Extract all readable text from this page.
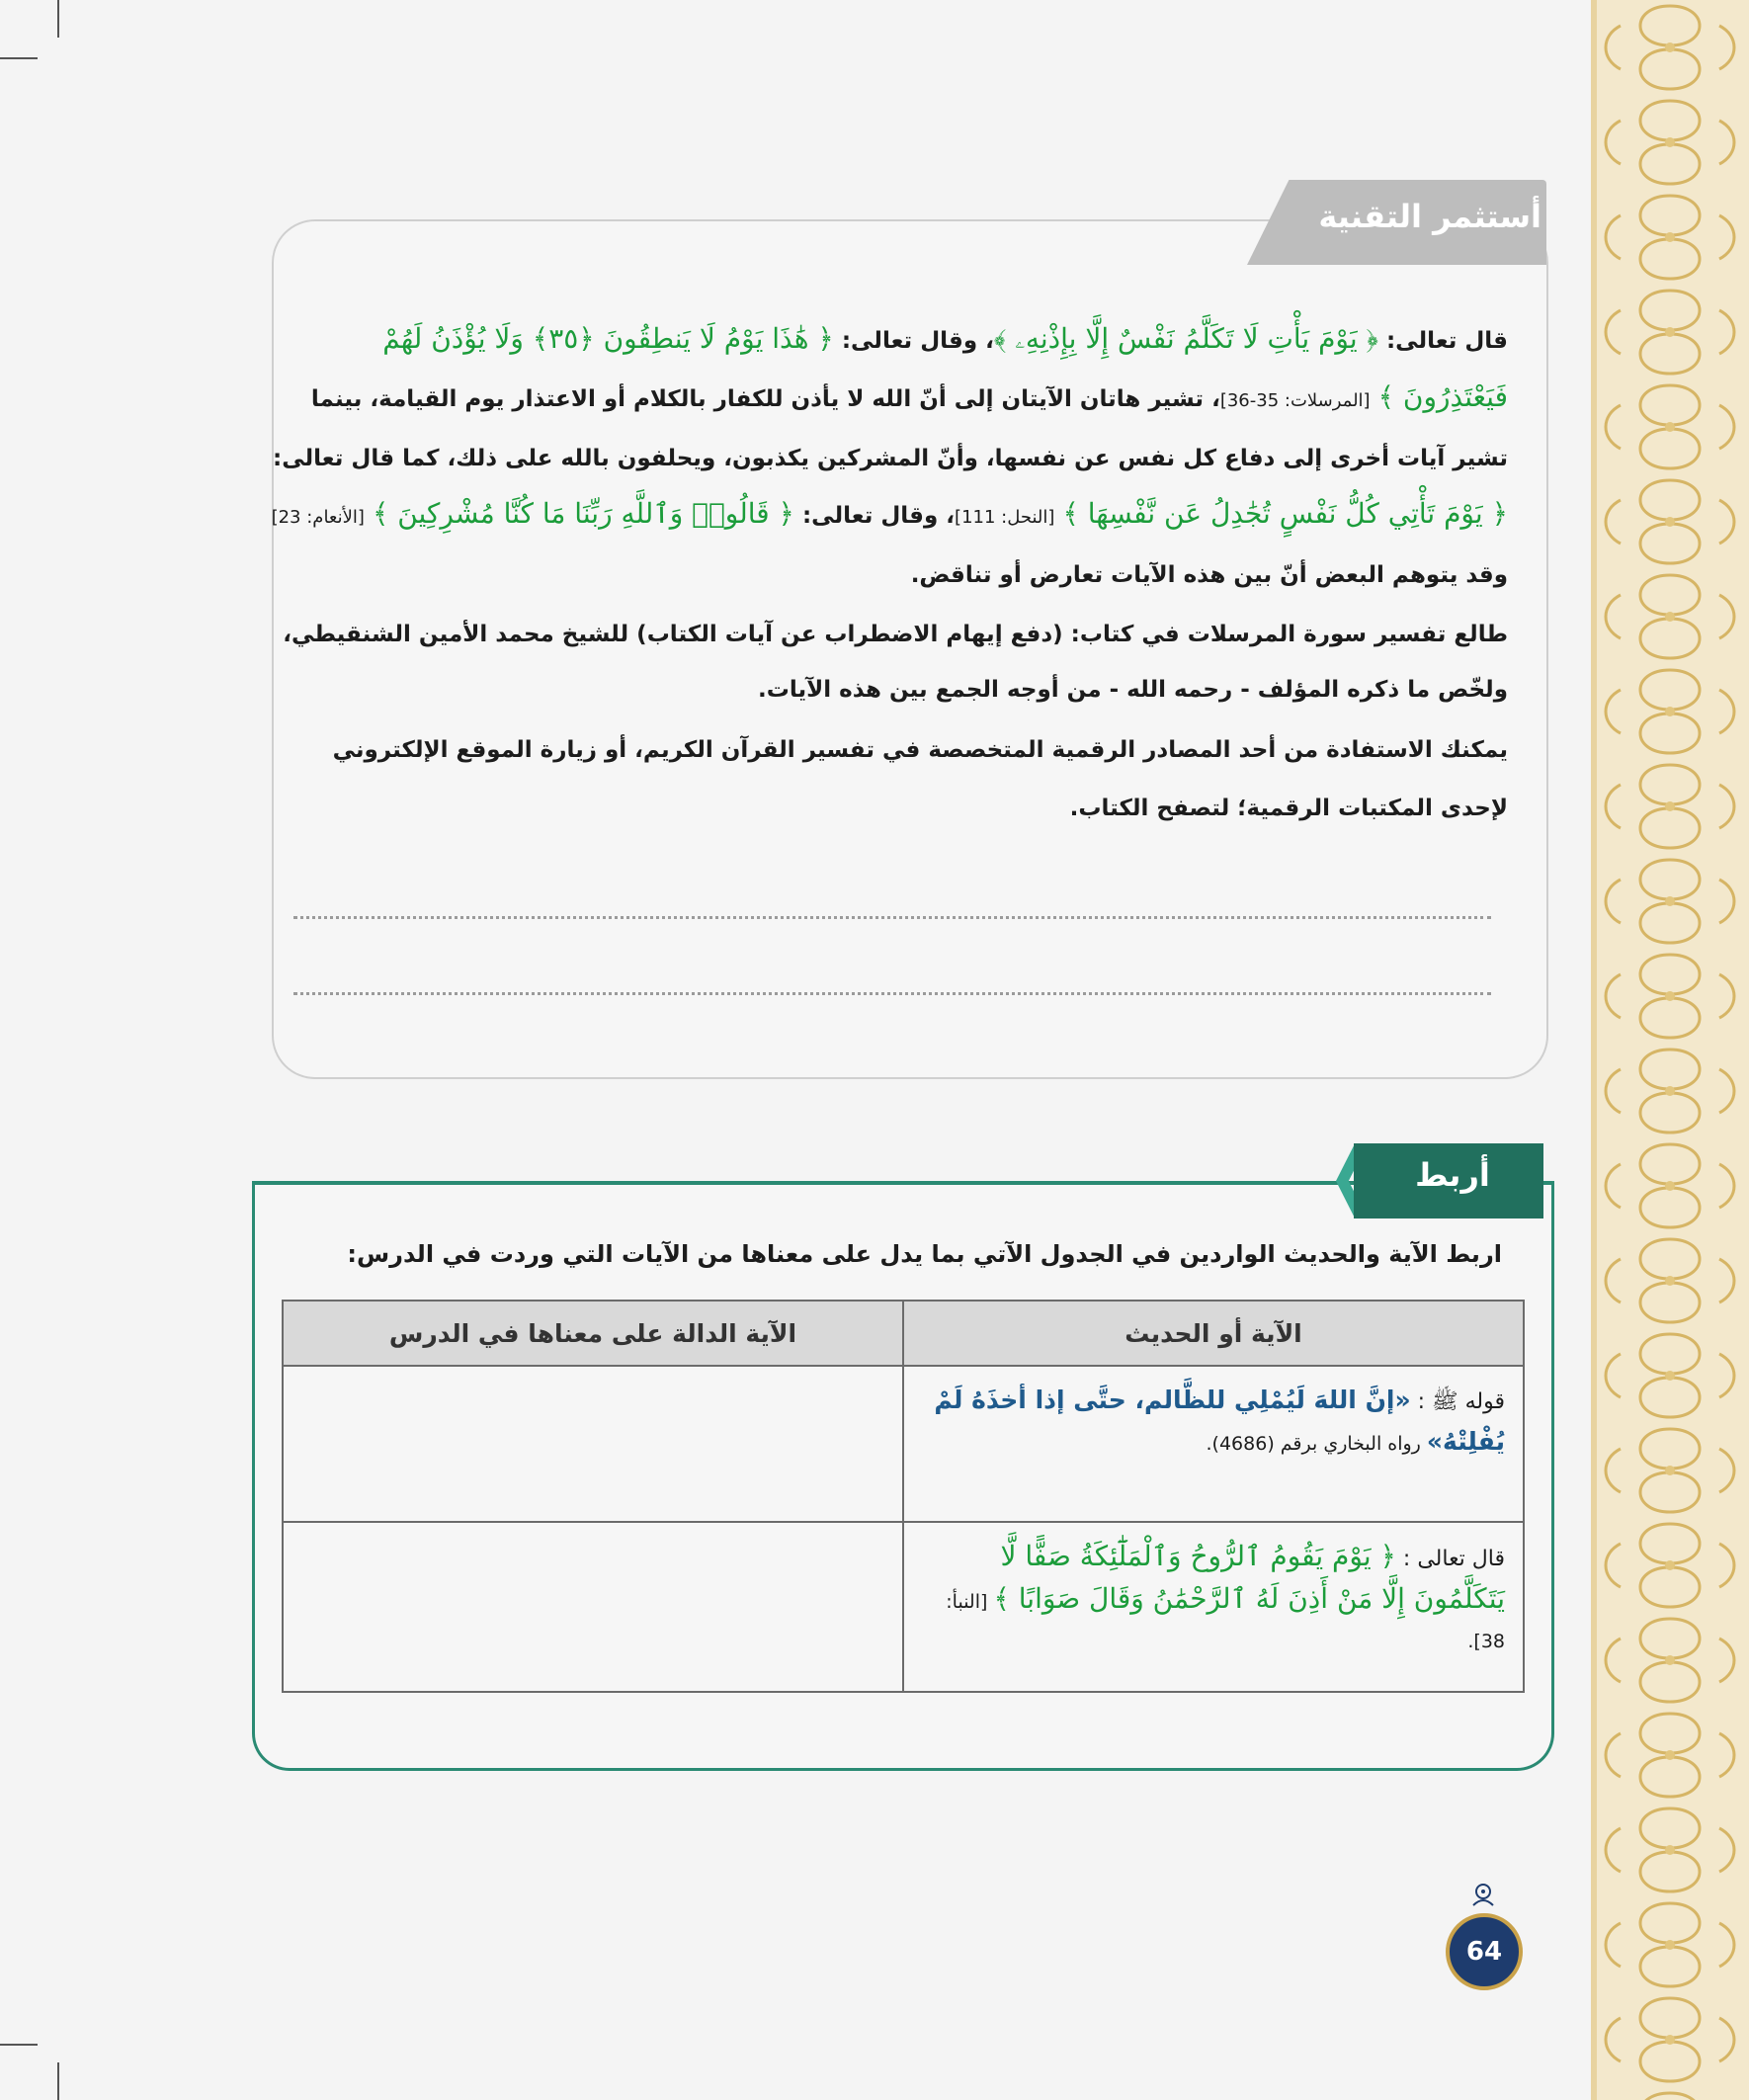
أستثمر التقنية
قال تعالى: ﴿ يَوْمَ يَأْتِ لَا تَكَلَّمُ نَفْسٌ إِلَّا بِإِذْنِهِۦ ﴾، وقال تعالى: ﴿ هَٰذَا يَوْمُ لَا يَنطِقُونَ ﴿٣٥﴾ وَلَا يُؤْذَنُ لَهُمْ
فَيَعْتَذِرُونَ ﴾ [المرسلات: 35-36]، تشير هاتان الآيتان إلى أنّ الله لا يأذن للكفار بالكلام أو الاعتذار يوم القيامة، بينما
تشير آيات أخرى إلى دفاع كل نفس عن نفسها، وأنّ المشركين يكذبون، ويحلفون بالله على ذلك، كما قال تعالى:
﴿ يَوْمَ تَأْتِي كُلُّ نَفْسٍ تُجَٰدِلُ عَن نَّفْسِهَا ﴾ [النحل: 111]، وقال تعالى: ﴿ قَالُوا۟ وَٱللَّهِ رَبِّنَا مَا كُنَّا مُشْرِكِينَ ﴾ [الأنعام: 23]
وقد يتوهم البعض أنّ بين هذه الآيات تعارض أو تناقض.
طالع تفسير سورة المرسلات في كتاب: (دفع إيهام الاضطراب عن آيات الكتاب) للشيخ محمد الأمين الشنقيطي،
ولخّص ما ذكره المؤلف - رحمه الله - من أوجه الجمع بين هذه الآيات.
يمكنك الاستفادة من أحد المصادر الرقمية المتخصصة في تفسير القرآن الكريم، أو زيارة الموقع الإلكتروني
لإحدى المكتبات الرقمية؛ لتصفح الكتاب.
أربط
اربط الآية والحديث الواردين في الجدول الآتي بما يدل على معناها من الآيات التي وردت في الدرس:
الآية أو الحديث	الآية الدالة على معناها في الدرس
قوله ﷺ : «إنَّ اللهَ لَيُمْلِي للظَّالم، حتَّى إذا أخذَهُ لَمْ يُفْلِتْهُ» رواه البخاري برقم (4686).	
قال تعالى : ﴿ يَوْمَ يَقُومُ ٱلرُّوحُ وَٱلْمَلَٰٓئِكَةُ صَفًّا لَّا يَتَكَلَّمُونَ إِلَّا مَنْ أَذِنَ لَهُ ٱلرَّحْمَٰنُ وَقَالَ صَوَابًا ﴾ [النبأ: 38].	
64
